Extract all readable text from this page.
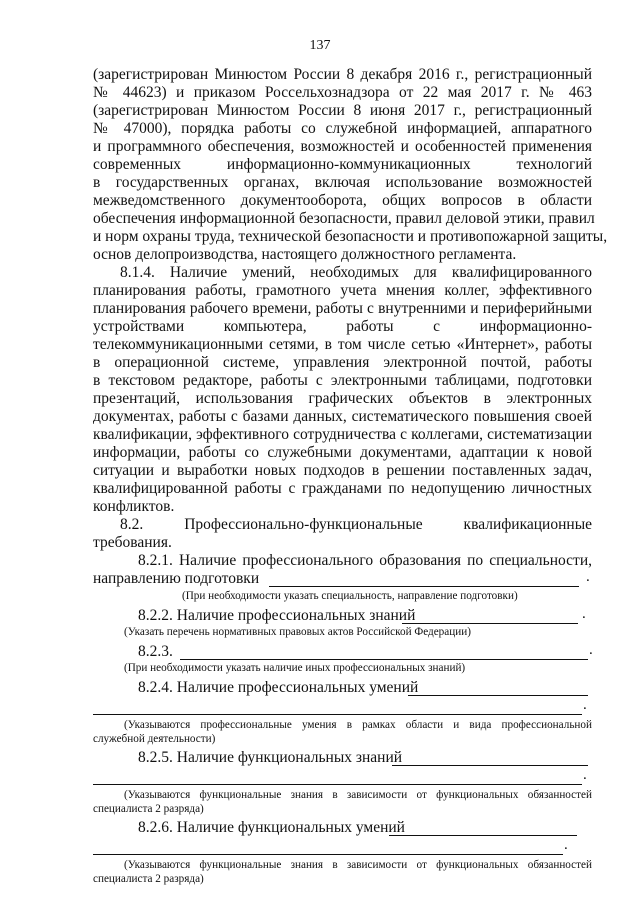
137
(зарегистрирован Минюстом России 8 декабря 2016 г., регистрационный
№ 44623) и приказом Россельхознадзора от 22 мая 2017 г. № 463
(зарегистрирован Минюстом России 8 июня 2017 г., регистрационный
№ 47000), порядка работы со служебной информацией, аппаратного
и программного обеспечения, возможностей и особенностей применения
современных информационно-коммуникационных технологий
в государственных органах, включая использование возможностей
межведомственного документооборота, общих вопросов в области
обеспечения информационной безопасности, правил деловой этики, правил
и норм охраны труда, технической безопасности и противопожарной защиты,
основ делопроизводства, настоящего должностного регламента.
8.1.4. Наличие умений, необходимых для квалифицированного
планирования работы, грамотного учета мнения коллег, эффективного
планирования рабочего времени, работы с внутренними и периферийными
устройствами компьютера, работы с информационно-
телекоммуникационными сетями, в том числе сетью «Интернет», работы
в операционной системе, управления электронной почтой, работы
в текстовом редакторе, работы с электронными таблицами, подготовки
презентаций, использования графических объектов в электронных
документах, работы с базами данных, систематического повышения своей
квалификации, эффективного сотрудничества с коллегами, систематизации
информации, работы со служебными документами, адаптации к новой
ситуации и выработки новых подходов в решении поставленных задач,
квалифицированной работы с гражданами по недопущению личностных
конфликтов.
8.2. Профессионально-функциональные квалификационные
требования.
8.2.1. Наличие профессионального образования по специальности,
направлению подготовки	.
(При необходимости указать специальность, направление подготовки)
8.2.2. Наличие профессиональных знаний	.
(Указать перечень нормативных правовых актов Российской Федерации)
8.2.3.	.
(При необходимости указать наличие иных профессиональных знаний)
8.2.4. Наличие профессиональных умений
.
(Указываются профессиональные умения в рамках области и вида профессиональной
служебной деятельности)
8.2.5. Наличие функциональных знаний
.
(Указываются функциональные знания в зависимости от функциональных обязанностей
специалиста 2 разряда)
8.2.6. Наличие функциональных умений
.
(Указываются функциональные знания в зависимости от функциональных обязанностей
специалиста 2 разряда)
